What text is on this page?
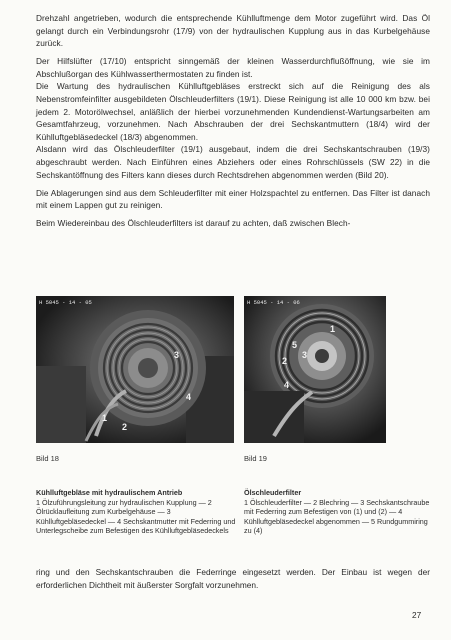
Drehzahl angetrieben, wodurch die entsprechende Kühlluftmenge dem Motor zugeführt wird. Das Öl gelangt durch ein Verbindungsrohr (17/9) von der hydraulischen Kupplung aus in das Kurbelgehäuse zurück.

Der Hilfslüfter (17/10) entspricht sinngemäß der kleinen Wasserdurchflußöffnung, wie sie im Abschlußorgan des Kühlwasserthermostaten zu finden ist.

Die Wartung des hydraulischen Kühlluftgebläses erstreckt sich auf die Reinigung des als Nebenstromfeinfilter ausgebildeten Ölschleuderfilters (19/1). Diese Reinigung ist alle 10 000 km bzw. bei jedem 2. Motorölwechsel, anläßlich der hierbei vorzunehmenden Kundendienst-Wartungsarbeiten am Gesamtfahrzeug, vorzunehmen. Nach Abschrauben der drei Sechskantmuttern (18/4) wird der Kühlluftgebläsedeckel (18/3) abgenommen.

Alsdann wird das Ölschleuderfilter (19/1) ausgebaut, indem die drei Sechskantschrauben (19/3) abgeschraubt werden. Nach Einführen eines Abziehers oder eines Rohrschlüssels (SW 22) in die Sechskantöffnung des Filters kann dieses durch Rechtsdrehen abgenommen werden (Bild 20).

Die Ablagerungen sind aus dem Schleuderfilter mit einer Holzspachtel zu entfernen. Das Filter ist danach mit einem Lappen gut zu reinigen.

Beim Wiedereinbau des Ölschleuderfilters ist darauf zu achten, daß zwischen Blech-

H 5045 - 14 - 05
3
4
1
2
H 5045 - 14 - 06
1
5
3
2
4
Bild 18	Bild 19
Kühlluftgebläse mit hydraulischem Antrieb
1 Ölzuführungsleitung zur hydraulischen Kupplung — 2 Ölrücklaufleitung zum Kurbelgehäuse — 3 Kühlluftgebläsedeckel — 4 Sechskantmutter mit Federring und Unterlegscheibe zum Befestigen des Kühlluftgebläsedeckels
Ölschleuderfilter
1 Ölschleuderfilter — 2 Blechring — 3 Sechskantschraube mit Federring zum Befestigen von (1) und (2) — 4 Kühlluftgebläsedeckel abgenommen — 5 Rundgummiring zu (4)
ring und den Sechskantschrauben die Federringe eingesetzt werden. Der Einbau ist wegen der erforderlichen Dichtheit mit äußerster Sorgfalt vorzunehmen.
27
